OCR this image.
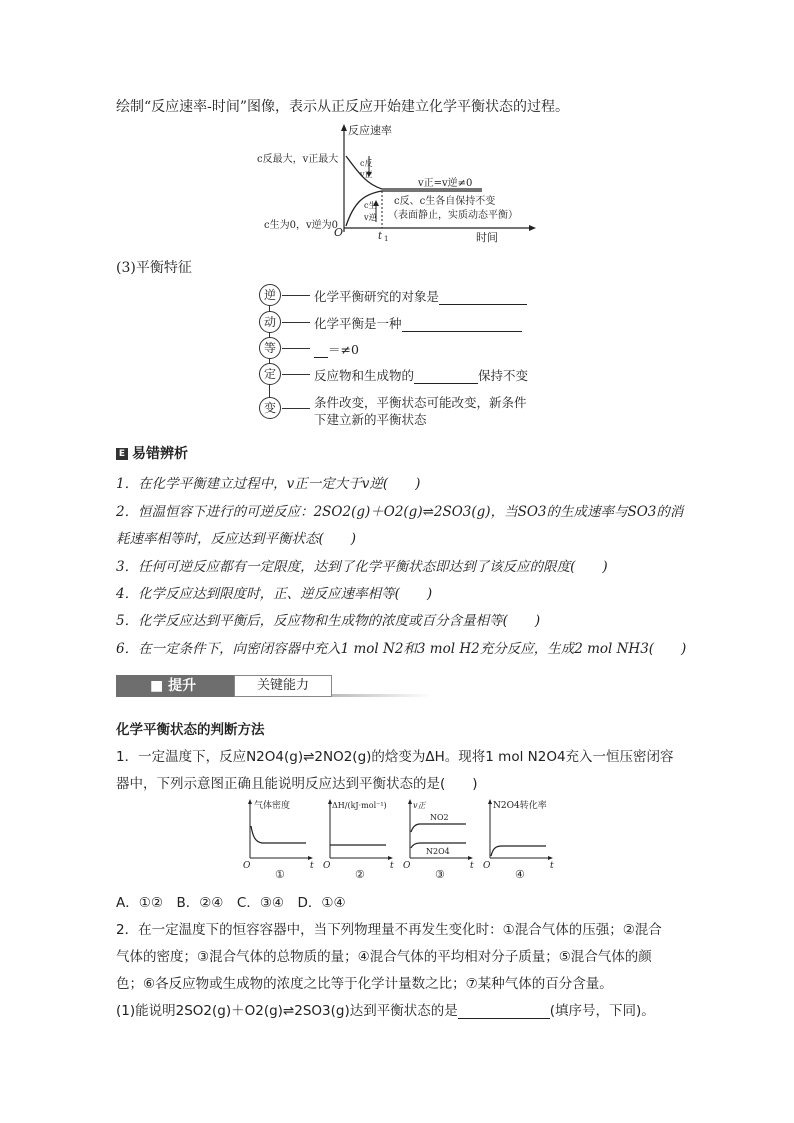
绘制“反应速率-时间”图像，表示从正反应开始建立化学平衡状态的过程。
反应速率
时间
O	t 1
c反最大，v正最大
c生为0，v逆为0
c反
v正
c生
v逆
v正=v逆≠0
c反、c生各自保持不变
（表面静止，实质动态平衡）
(3)平衡特征
逆
动
等
定
变
化学平衡研究的对象是
化学平衡是一种
＝≠0
反应物和生成物的	保持不变
条件改变，平衡状态可能改变，新条件
下建立新的平衡状态
E 易错辨析
1．在化学平衡建立过程中，v正一定大于v逆(　　)
2．恒温恒容下进行的可逆反应：2SO2(g)＋O2(g)⇌2SO3(g)，当SO3的生成速率与SO3的消
耗速率相等时，反应达到平衡状态(　　)
3．任何可逆反应都有一定限度，达到了化学平衡状态即达到了该反应的限度(　　)
4．化学反应达到限度时，正、逆反应速率相等(　　)
5．化学反应达到平衡后，反应物和生成物的浓度或百分含量相等(　　)
6．在一定条件下，向密闭容器中充入1 mol N2和3 mol H2充分反应，生成2 mol NH3(　　)
■ 提升	关键能力
化学平衡状态的判断方法
1．一定温度下，反应N2O4(g)⇌2NO2(g)的焓变为ΔH。现将1 mol N2O4充入一恒压密闭容
器中，下列示意图正确且能说明反应达到平衡状态的是(　　)
气体密度
O	t
①
ΔH/(kJ·mol⁻¹)
O	t
②
v正
NO2
N2O4
O	t
③
N2O4转化率
O	t
④
A．①②　B．②④　C．③④　D．①④
2．在一定温度下的恒容容器中，当下列物理量不再发生变化时：①混合气体的压强；②混合
气体的密度；③混合气体的总物质的量；④混合气体的平均相对分子质量；⑤混合气体的颜
色；⑥各反应物或生成物的浓度之比等于化学计量数之比；⑦某种气体的百分含量。
(1)能说明2SO2(g)＋O2(g)⇌2SO3(g)达到平衡状态的是	(填序号，下同)。
